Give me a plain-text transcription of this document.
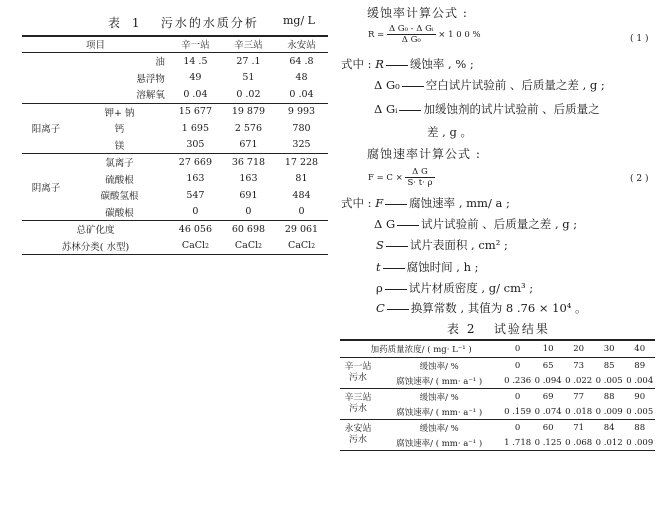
表 1 污水的水质分析 mg/ L
项目		辛一站	辛三站	永安站
油		14 .5	27 .1	64 .8
悬浮物		49	51	48
溶解氧		0 .04	0 .02	0 .04
阳离子	钾+ 钠	15 677	19 879	9 993
	钙	1 695	2 576	780
	镁	305	671	325
阴离子	氯离子	27 669	36 718	17 228
	硫酸根	163	163	81
	碳酸氢根	547	691	484
	碳酸根	0	0	0
总矿化度		46 056	60 698	29 061
苏林分类( 水型)		CaCl2	CaCl2	CaCl2
缓蚀率计算公式 :
$R = \frac{\text{Δ G₀ - Δ Gᵢ}}{\text{Δ G₀}} \times 1$ 0 0 %	( 1 )
式中 : R 缓蚀率 , % ;
Δ G₀ 空白试片试验前 、后质量之差 , g ;
Δ Gᵢ 加缓蚀剂的试片试验前 、后质量之
差 , g 。
腐蚀速率计算公式 :
$F = C \times \frac{\text{Δ G}}{S\cdot t\cdot \rho}$	( 2 )
式中 : F 腐蚀速率 , mm/ a ;
Δ G 试片试验前 、后质量之差 , g ;
S 试片表面积 , cm² ;
t 腐蚀时间 , h ;
ρ 试片材质密度 , g/ cm³ ;
C 换算常数 , 其值为 8 .76 × 10⁴ 。
表 2 试验结果
加药质量浓度/ ( mg· L⁻¹ )		0	10	20	30	40
辛一站 污水	缓蚀率/ %	0	65	73	85	89
	腐蚀速率/ ( mm· a⁻¹ )	0 .236	0 .094	0 .022	0 .005	0 .004
辛三站 污水	缓蚀率/ %	0	69	77	88	90
	腐蚀速率/ ( mm· a⁻¹ )	0 .159	0 .074	0 .018	0 .009	0 .005
永安站 污水	缓蚀率/ %	0	60	71	84	88
	腐蚀速率/ ( mm· a⁻¹ )	1 .718	0 .125	0 .068	0 .012	0 .009
